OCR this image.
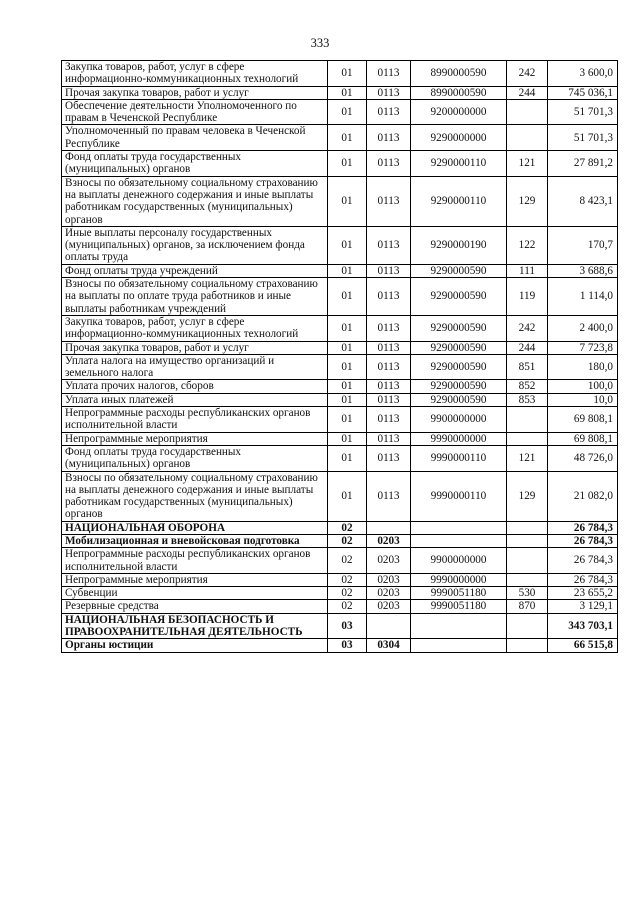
333
Закупка товаров, работ, услуг в сфере информационно-коммуникационных технологий	01	0113	8990000590	242	3 600,0
Прочая закупка товаров, работ и услуг	01	0113	8990000590	244	745 036,1
Обеспечение деятельности Уполномоченного по правам в Чеченской Республике	01	0113	9200000000		51 701,3
Уполномоченный по правам человека в Чеченской Республике	01	0113	9290000000		51 701,3
Фонд оплаты труда государственных (муниципальных) органов	01	0113	9290000110	121	27 891,2
Взносы по обязательному социальному страхованию на выплаты денежного содержания и иные выплаты работникам государственных (муниципальных) органов	01	0113	9290000110	129	8 423,1
Иные выплаты персоналу государственных (муниципальных) органов, за исключением фонда оплаты труда	01	0113	9290000190	122	170,7
Фонд оплаты труда учреждений	01	0113	9290000590	111	3 688,6
Взносы по обязательному социальному страхованию на выплаты по оплате труда работников и иные выплаты работникам учреждений	01	0113	9290000590	119	1 114,0
Закупка товаров, работ, услуг в сфере информационно-коммуникационных технологий	01	0113	9290000590	242	2 400,0
Прочая закупка товаров, работ и услуг	01	0113	9290000590	244	7 723,8
Уплата налога на имущество организаций и земельного налога	01	0113	9290000590	851	180,0
Уплата прочих налогов, сборов	01	0113	9290000590	852	100,0
Уплата иных платежей	01	0113	9290000590	853	10,0
Непрограммные расходы республиканских органов исполнительной власти	01	0113	9900000000		69 808,1
Непрограммные мероприятия	01	0113	9990000000		69 808,1
Фонд оплаты труда государственных (муниципальных) органов	01	0113	9990000110	121	48 726,0
Взносы по обязательному социальному страхованию на выплаты денежного содержания и иные выплаты работникам государственных (муниципальных) органов	01	0113	9990000110	129	21 082,0
НАЦИОНАЛЬНАЯ ОБОРОНА	02				26 784,3
Мобилизационная и вневойсковая подготовка	02	0203			26 784,3
Непрограммные расходы республиканских органов исполнительной власти	02	0203	9900000000		26 784,3
Непрограммные мероприятия	02	0203	9990000000		26 784,3
Субвенции	02	0203	9990051180	530	23 655,2
Резервные средства	02	0203	9990051180	870	3 129,1
НАЦИОНАЛЬНАЯ БЕЗОПАСНОСТЬ И ПРАВООХРАНИТЕЛЬНАЯ ДЕЯТЕЛЬНОСТЬ	03				343 703,1
Органы юстиции	03	0304			66 515,8
